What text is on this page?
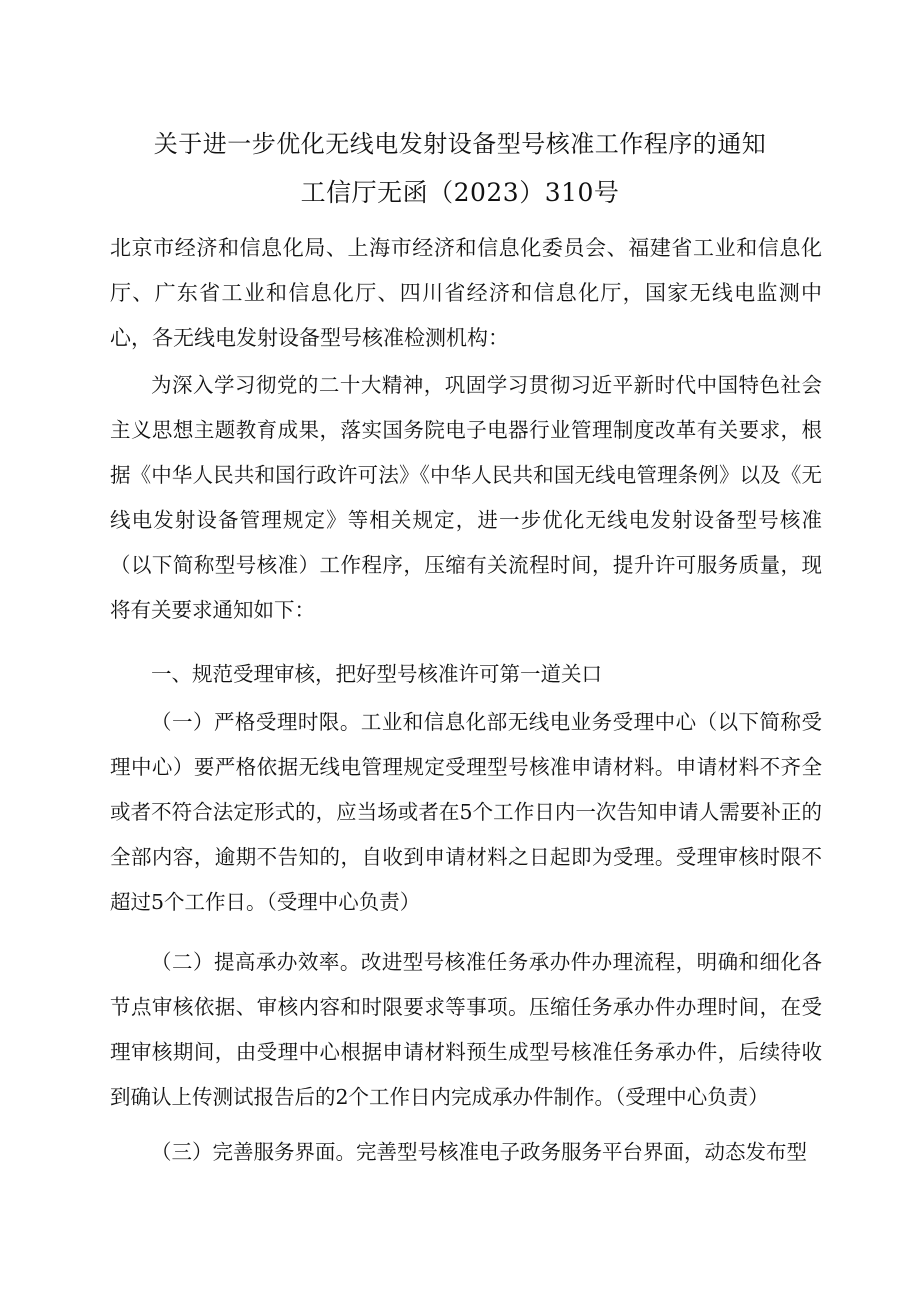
关于进一步优化无线电发射设备型号核准工作程序的通知
工信厅无函（2023）310号
北京市经济和信息化局、上海市经济和信息化委员会、福建省工业和信息化厅、广东省工业和信息化厅、四川省经济和信息化厅，国家无线电监测中心，各无线电发射设备型号核准检测机构：
为深入学习彻党的二十大精神，巩固学习贯彻习近平新时代中国特色社会主义思想主题教育成果，落实国务院电子电器行业管理制度改革有关要求，根据《中华人民共和国行政许可法》《中华人民共和国无线电管理条例》以及《无线电发射设备管理规定》等相关规定，进一步优化无线电发射设备型号核准（以下简称型号核准）工作程序，压缩有关流程时间，提升许可服务质量，现将有关要求通知如下：
一、规范受理审核，把好型号核准许可第一道关口
（一）严格受理时限。工业和信息化部无线电业务受理中心（以下简称受理中心）要严格依据无线电管理规定受理型号核准申请材料。申请材料不齐全或者不符合法定形式的，应当场或者在5个工作日内一次告知申请人需要补正的全部内容，逾期不告知的，自收到申请材料之日起即为受理。受理审核时限不超过5个工作日。（受理中心负责）
（二）提高承办效率。改进型号核准任务承办件办理流程，明确和细化各节点审核依据、审核内容和时限要求等事项。压缩任务承办件办理时间，在受理审核期间，由受理中心根据申请材料预生成型号核准任务承办件，后续待收到确认上传测试报告后的2个工作日内完成承办件制作。（受理中心负责）
（三）完善服务界面。完善型号核准电子政务服务平台界面，动态发布型
